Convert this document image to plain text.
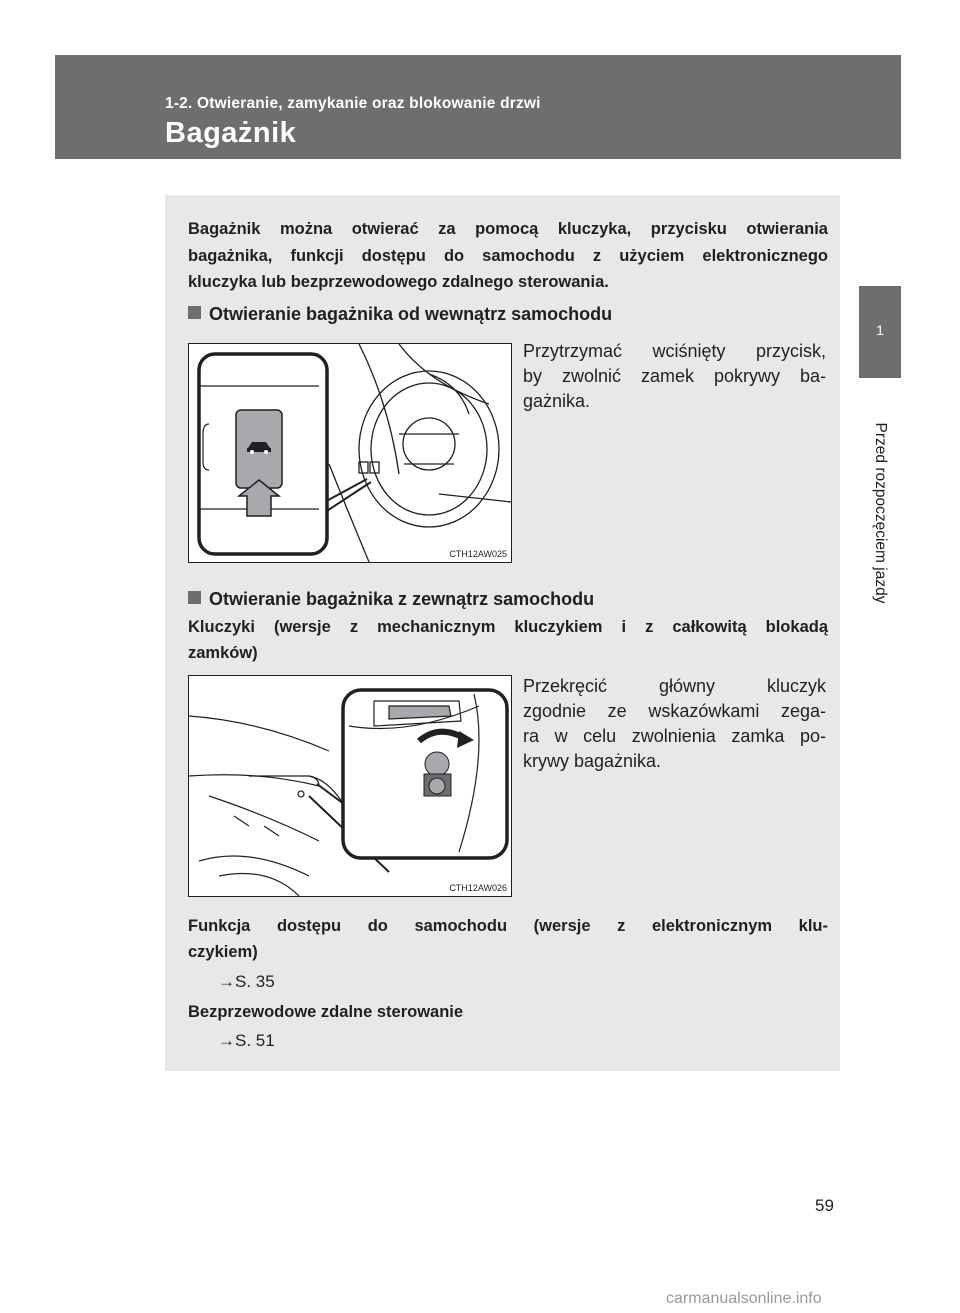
1-2. Otwieranie, zamykanie oraz blokowanie drzwi
Bagażnik
1
Przed rozpoczęciem jazdy
Bagażnik można otwierać za pomocą kluczyka, przycisku otwierania
bagażnika, funkcji dostępu do samochodu z użyciem elektronicznego
kluczyka lub bezprzewodowego zdalnego sterowania.
Otwieranie bagażnika od wewnątrz samochodu
Przytrzymać wciśnięty przycisk,
by zwolnić zamek pokrywy ba-
gażnika.
CTH12AW025
Otwieranie bagażnika z zewnątrz samochodu
Kluczyki (wersje z mechanicznym kluczykiem i z całkowitą blokadą
zamków)
Przekręcić główny kluczyk
zgodnie ze wskazówkami zega-
ra w celu zwolnienia zamka po-
krywy bagażnika.
CTH12AW026
Funkcja dostępu do samochodu (wersje z elektronicznym klu-
czykiem)
→S. 35
Bezprzewodowe zdalne sterowanie
→S. 51
59
carmanualsonline.info
